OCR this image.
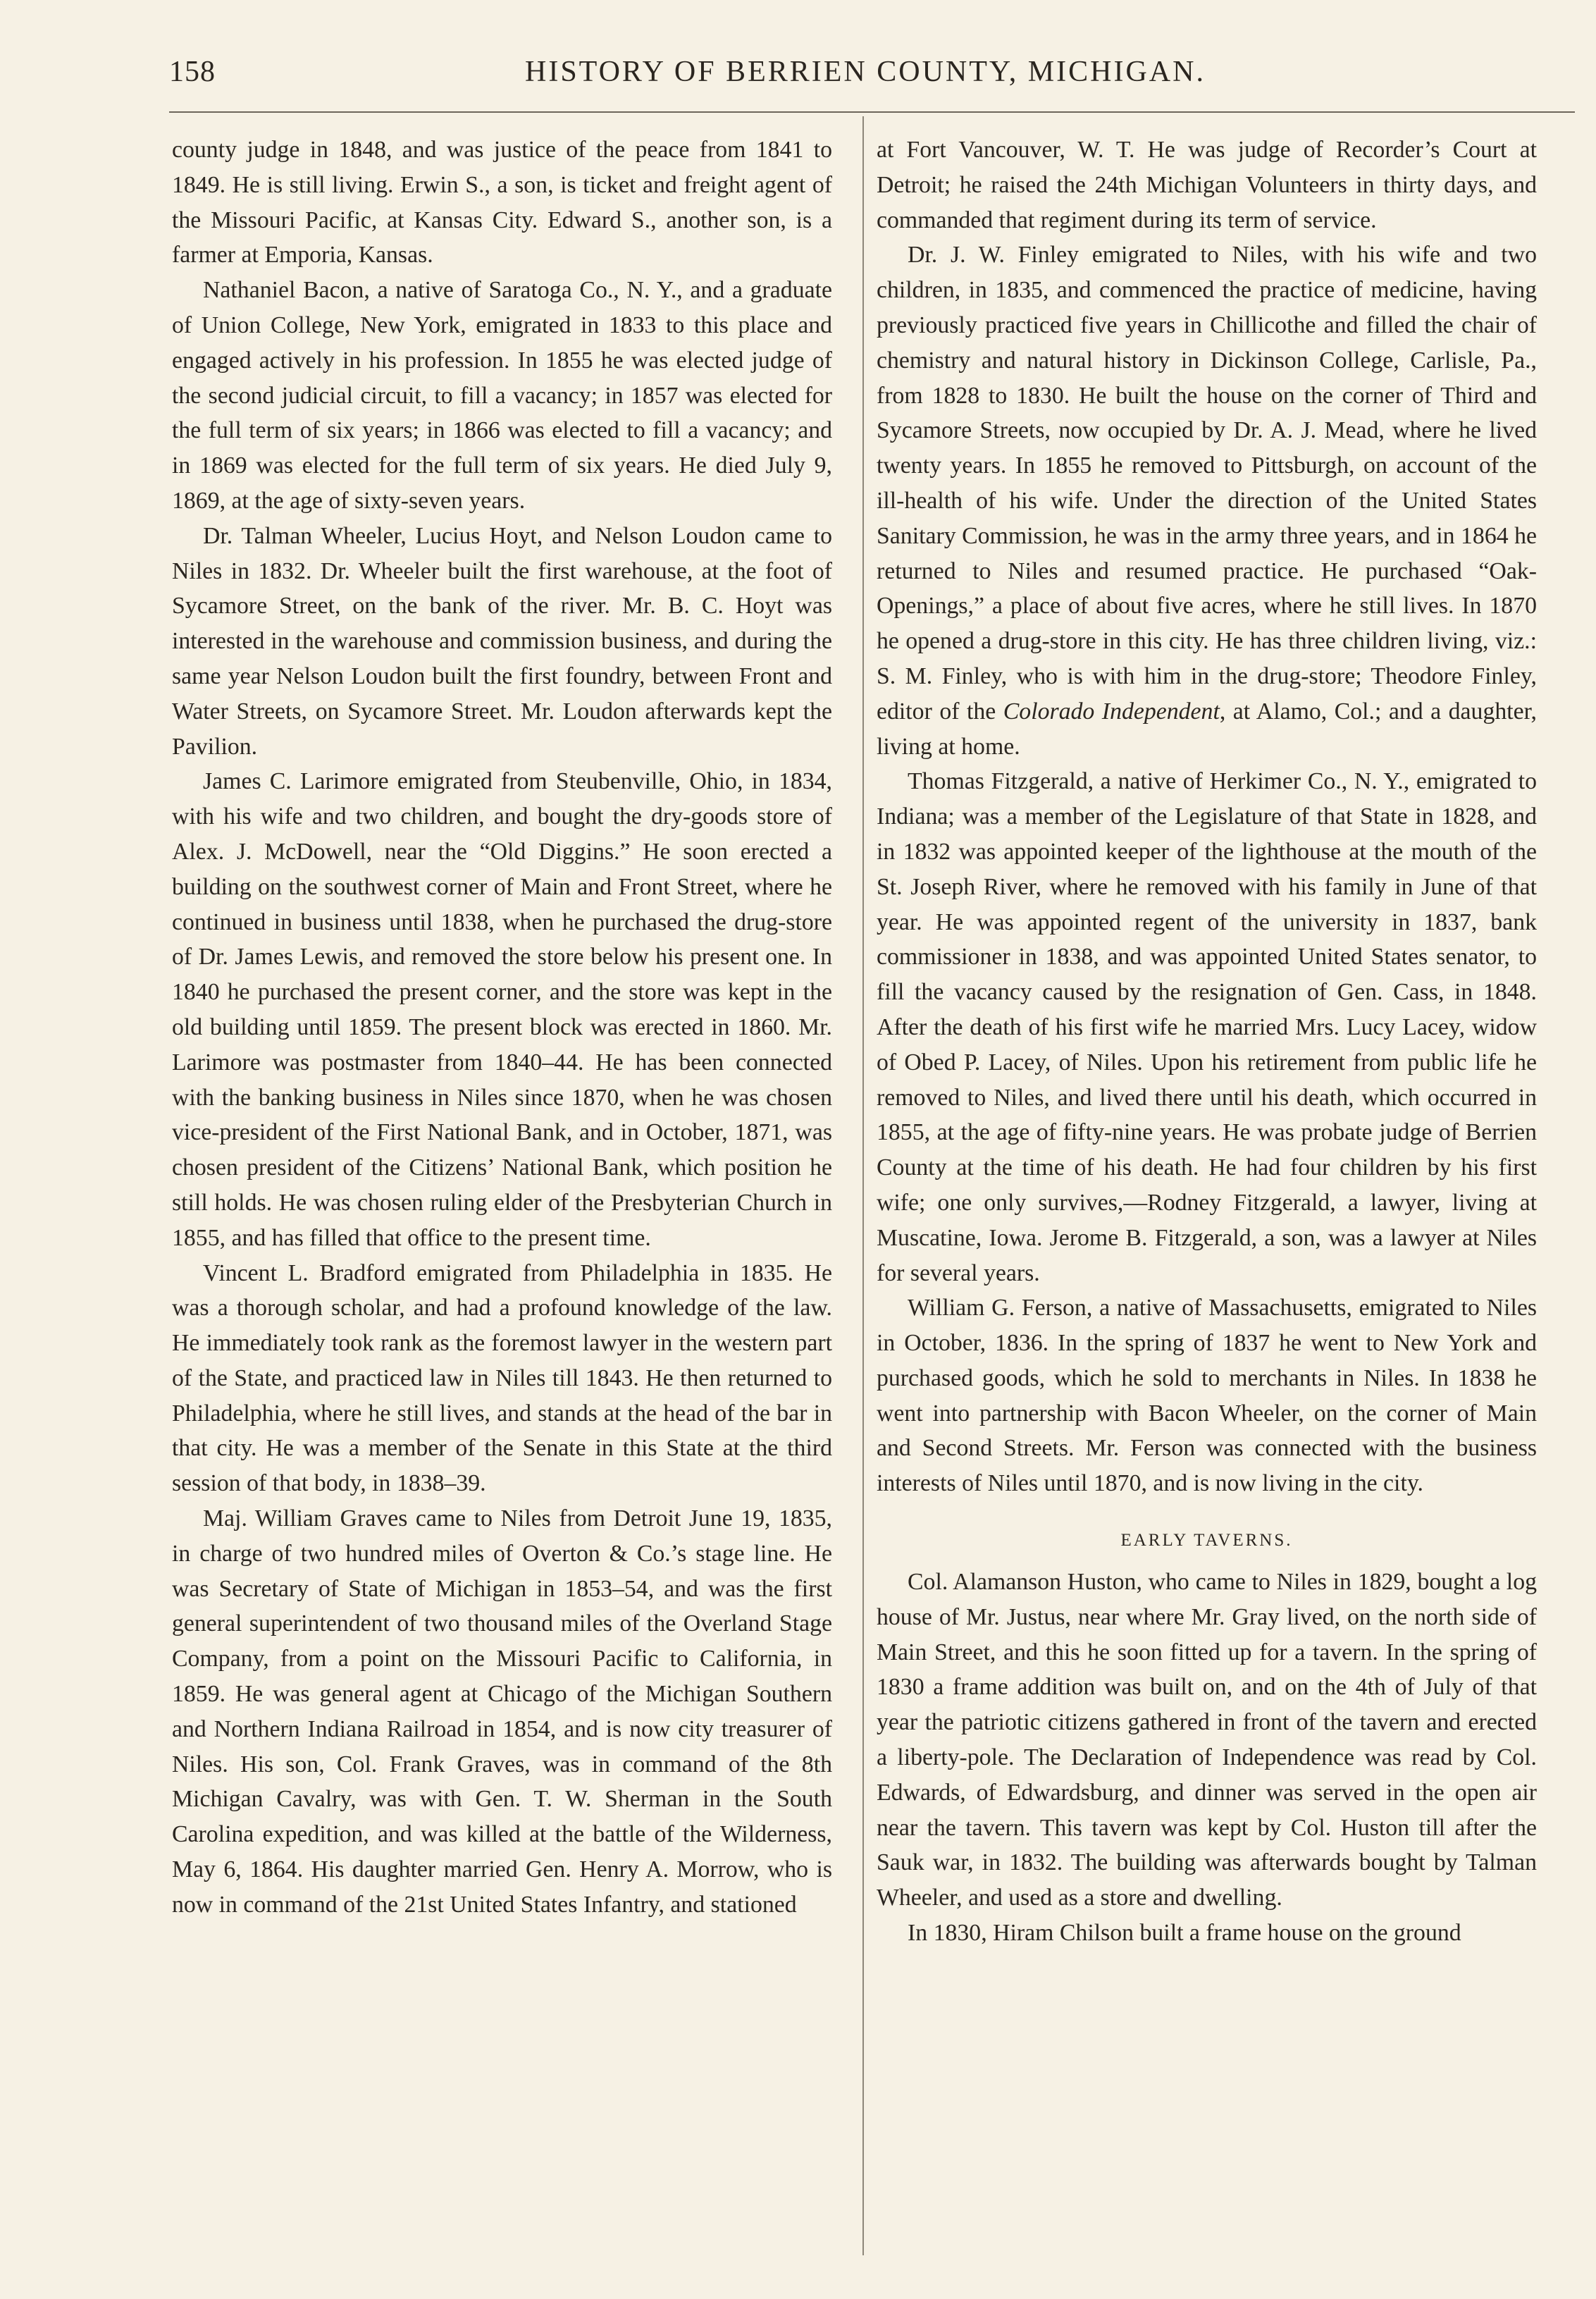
158	HISTORY OF BERRIEN COUNTY, MICHIGAN.

county judge in 1848, and was justice of the peace from 1841 to 1849. He is still living. Erwin S., a son, is ticket and freight agent of the Missouri Pacific, at Kansas City. Edward S., another son, is a farmer at Emporia, Kansas.

Nathaniel Bacon, a native of Saratoga Co., N. Y., and a graduate of Union College, New York, emigrated in 1833 to this place and engaged actively in his profession. In 1855 he was elected judge of the second judicial circuit, to fill a vacancy; in 1857 was elected for the full term of six years; in 1866 was elected to fill a vacancy; and in 1869 was elected for the full term of six years. He died July 9, 1869, at the age of sixty-seven years.

Dr. Talman Wheeler, Lucius Hoyt, and Nelson Loudon came to Niles in 1832. Dr. Wheeler built the first warehouse, at the foot of Sycamore Street, on the bank of the river. Mr. B. C. Hoyt was interested in the warehouse and commission business, and during the same year Nelson Loudon built the first foundry, between Front and Water Streets, on Sycamore Street. Mr. Loudon afterwards kept the Pavilion.

James C. Larimore emigrated from Steubenville, Ohio, in 1834, with his wife and two children, and bought the dry-goods store of Alex. J. McDowell, near the “Old Diggins.” He soon erected a building on the southwest corner of Main and Front Street, where he continued in business until 1838, when he purchased the drug-store of Dr. James Lewis, and removed the store below his present one. In 1840 he purchased the present corner, and the store was kept in the old building until 1859. The present block was erected in 1860. Mr. Larimore was postmaster from 1840–44. He has been connected with the banking business in Niles since 1870, when he was chosen vice-president of the First National Bank, and in October, 1871, was chosen president of the Citizens’ National Bank, which position he still holds. He was chosen ruling elder of the Presbyterian Church in 1855, and has filled that office to the present time.

Vincent L. Bradford emigrated from Philadelphia in 1835. He was a thorough scholar, and had a profound knowledge of the law. He immediately took rank as the foremost lawyer in the western part of the State, and practiced law in Niles till 1843. He then returned to Philadelphia, where he still lives, and stands at the head of the bar in that city. He was a member of the Senate in this State at the third session of that body, in 1838–39.

Maj. William Graves came to Niles from Detroit June 19, 1835, in charge of two hundred miles of Overton & Co.’s stage line. He was Secretary of State of Michigan in 1853–54, and was the first general superintendent of two thousand miles of the Overland Stage Company, from a point on the Missouri Pacific to California, in 1859. He was general agent at Chicago of the Michigan Southern and Northern Indiana Railroad in 1854, and is now city treasurer of Niles. His son, Col. Frank Graves, was in command of the 8th Michigan Cavalry, was with Gen. T. W. Sherman in the South Carolina expedition, and was killed at the battle of the Wilderness, May 6, 1864. His daughter married Gen. Henry A. Morrow, who is now in command of the 21st United States Infantry, and stationed

at Fort Vancouver, W. T. He was judge of Recorder’s Court at Detroit; he raised the 24th Michigan Volunteers in thirty days, and commanded that regiment during its term of service.

Dr. J. W. Finley emigrated to Niles, with his wife and two children, in 1835, and commenced the practice of medicine, having previously practiced five years in Chillicothe and filled the chair of chemistry and natural history in Dickinson College, Carlisle, Pa., from 1828 to 1830. He built the house on the corner of Third and Sycamore Streets, now occupied by Dr. A. J. Mead, where he lived twenty years. In 1855 he removed to Pittsburgh, on account of the ill-health of his wife. Under the direction of the United States Sanitary Commission, he was in the army three years, and in 1864 he returned to Niles and resumed practice. He purchased “Oak-Openings,” a place of about five acres, where he still lives. In 1870 he opened a drug-store in this city. He has three children living, viz.: S. M. Finley, who is with him in the drug-store; Theodore Finley, editor of the Colorado Independent, at Alamo, Col.; and a daughter, living at home.

Thomas Fitzgerald, a native of Herkimer Co., N. Y., emigrated to Indiana; was a member of the Legislature of that State in 1828, and in 1832 was appointed keeper of the lighthouse at the mouth of the St. Joseph River, where he removed with his family in June of that year. He was appointed regent of the university in 1837, bank commissioner in 1838, and was appointed United States senator, to fill the vacancy caused by the resignation of Gen. Cass, in 1848. After the death of his first wife he married Mrs. Lucy Lacey, widow of Obed P. Lacey, of Niles. Upon his retirement from public life he removed to Niles, and lived there until his death, which occurred in 1855, at the age of fifty-nine years. He was probate judge of Berrien County at the time of his death. He had four children by his first wife; one only survives,—Rodney Fitzgerald, a lawyer, living at Muscatine, Iowa. Jerome B. Fitzgerald, a son, was a lawyer at Niles for several years.

William G. Ferson, a native of Massachusetts, emigrated to Niles in October, 1836. In the spring of 1837 he went to New York and purchased goods, which he sold to merchants in Niles. In 1838 he went into partnership with Bacon Wheeler, on the corner of Main and Second Streets. Mr. Ferson was connected with the business interests of Niles until 1870, and is now living in the city.

EARLY TAVERNS.

Col. Alamanson Huston, who came to Niles in 1829, bought a log house of Mr. Justus, near where Mr. Gray lived, on the north side of Main Street, and this he soon fitted up for a tavern. In the spring of 1830 a frame addition was built on, and on the 4th of July of that year the patriotic citizens gathered in front of the tavern and erected a liberty-pole. The Declaration of Independence was read by Col. Edwards, of Edwardsburg, and dinner was served in the open air near the tavern. This tavern was kept by Col. Huston till after the Sauk war, in 1832. The building was afterwards bought by Talman Wheeler, and used as a store and dwelling.

In 1830, Hiram Chilson built a frame house on the ground
